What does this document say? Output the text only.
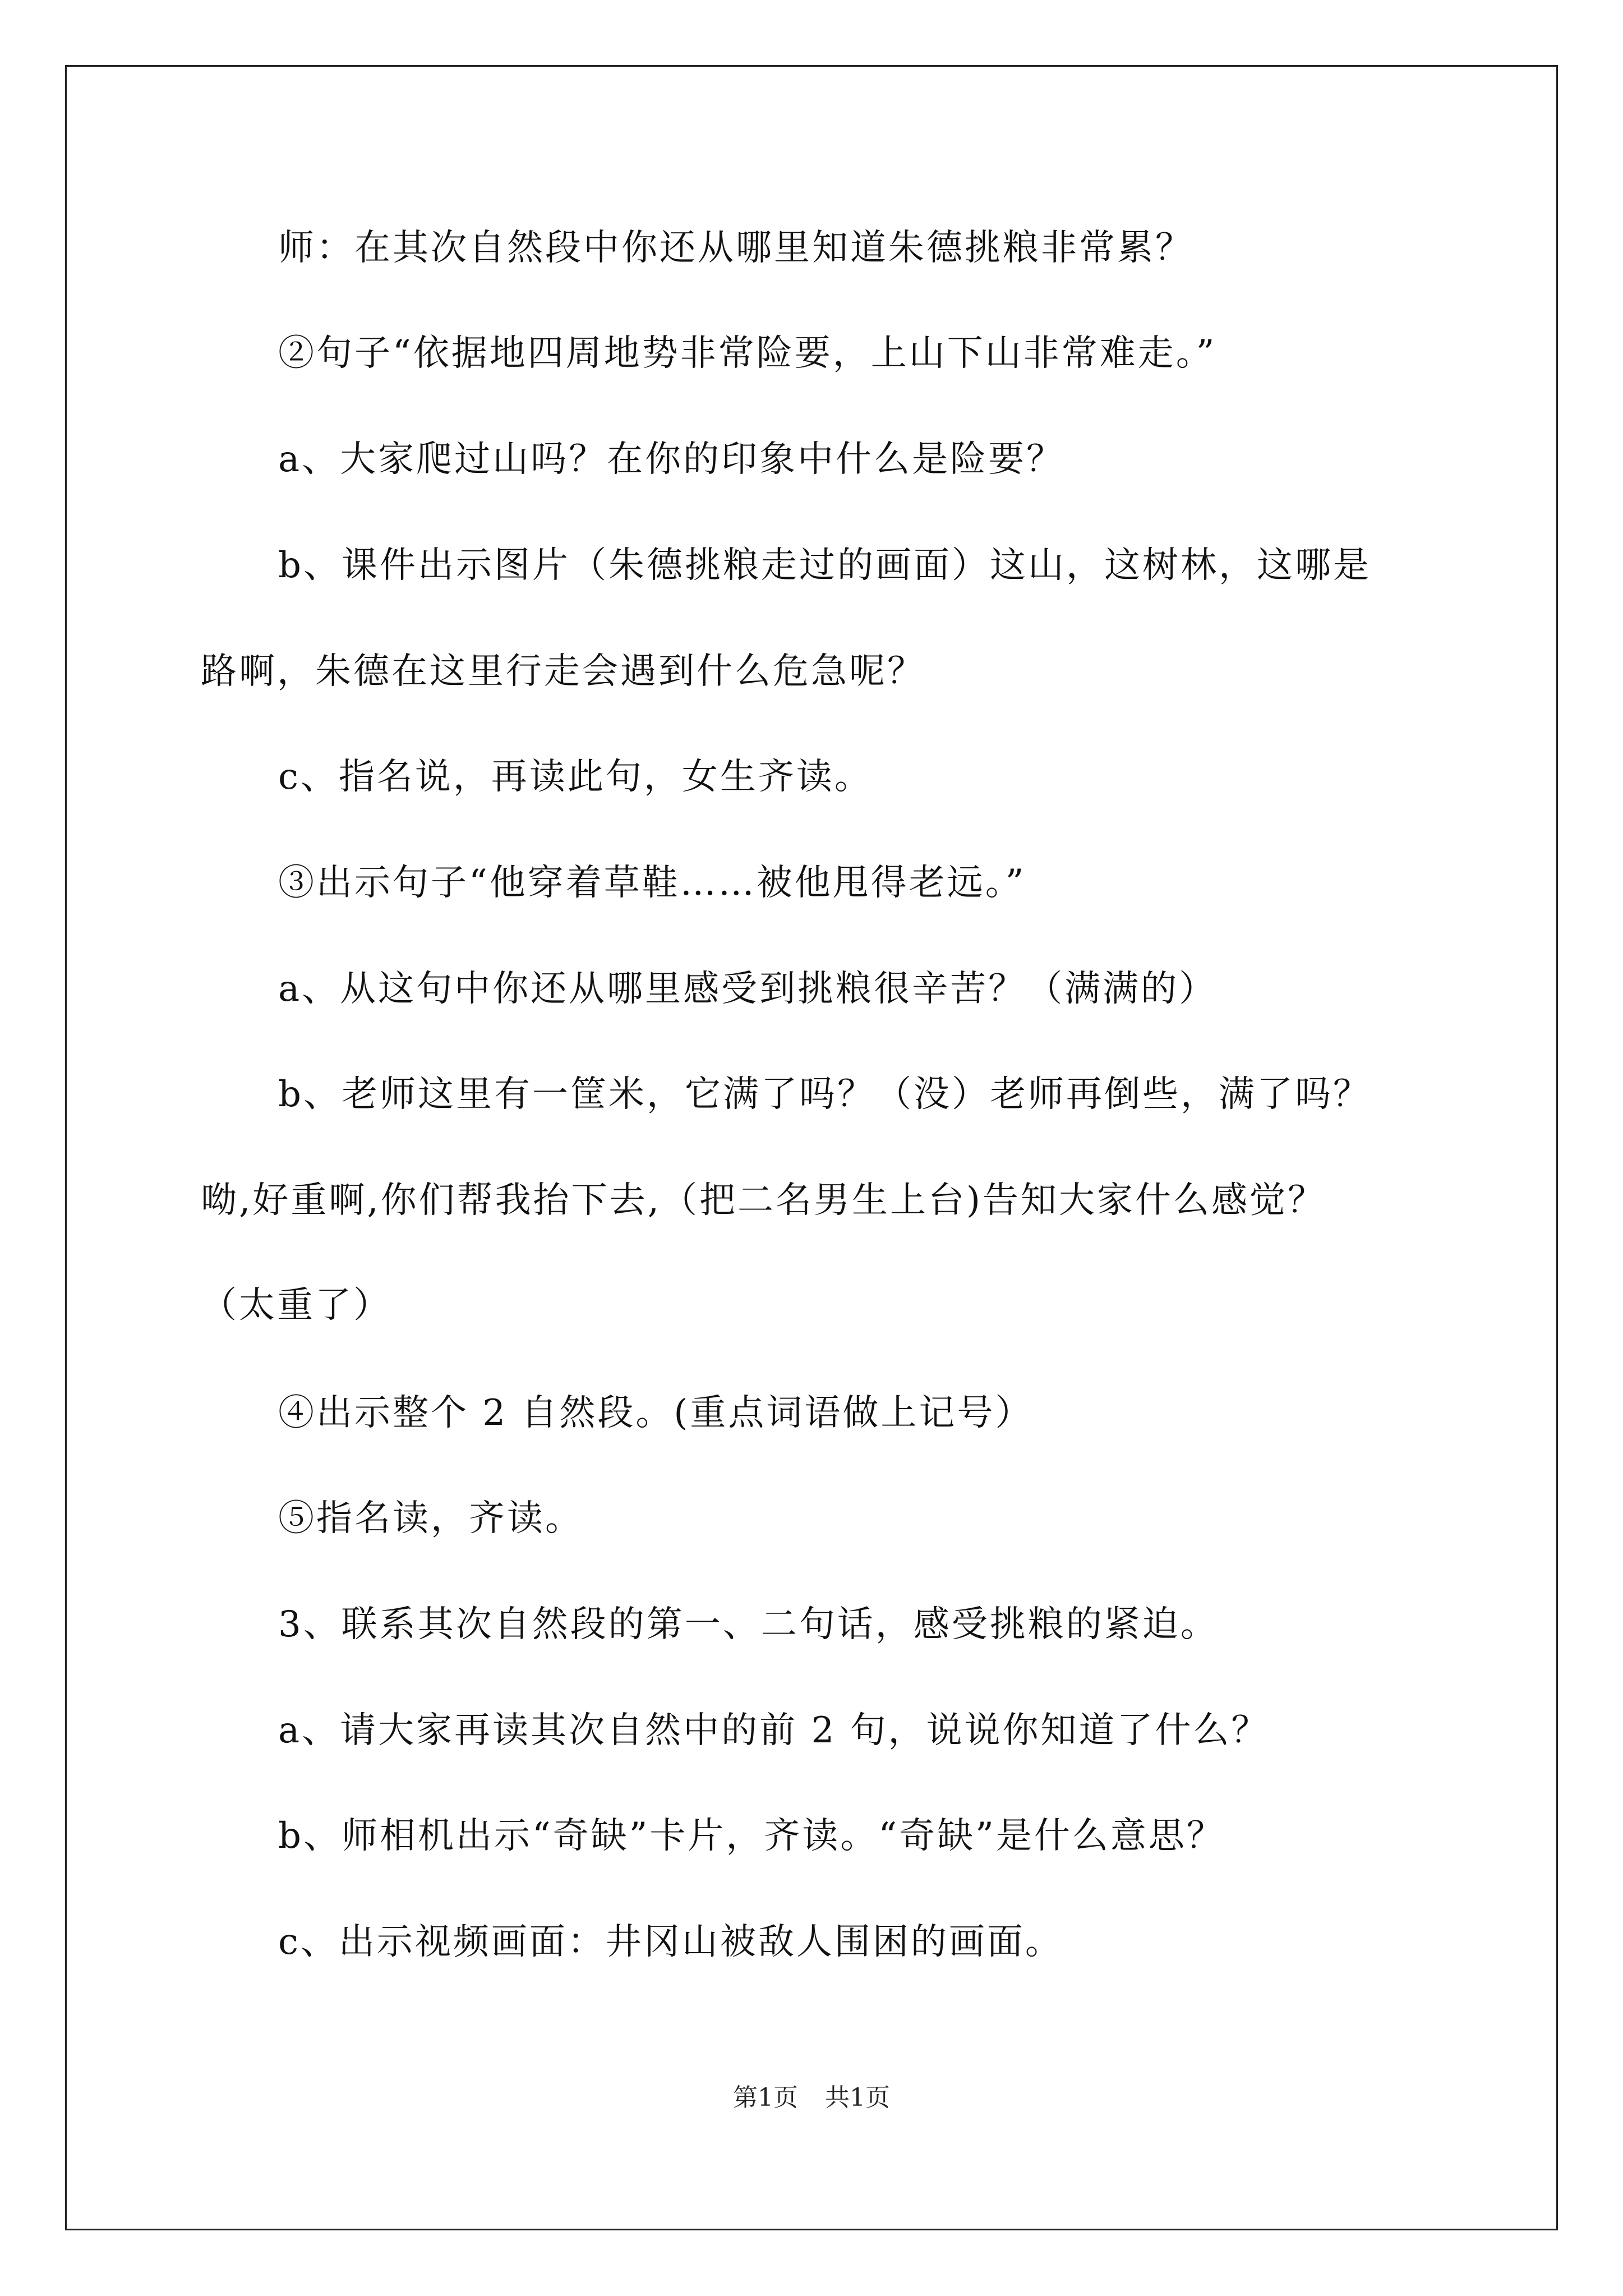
师：在其次自然段中你还从哪里知道朱德挑粮非常累？
②句子“依据地四周地势非常险要，上山下山非常难走。”
a、大家爬过山吗？在你的印象中什么是险要？
b、课件出示图片（朱德挑粮走过的画面）这山，这树林，这哪是
路啊，朱德在这里行走会遇到什么危急呢？
c、指名说，再读此句，女生齐读。
③出示句子“他穿着草鞋……被他甩得老远。”
a、从这句中你还从哪里感受到挑粮很辛苦？（满满的）
b、老师这里有一筐米，它满了吗？（没）老师再倒些，满了吗？
呦,好重啊,你们帮我抬下去,（把二名男生上台)告知大家什么感觉？
（太重了）
④出示整个 2 自然段。(重点词语做上记号）
⑤指名读，齐读。
3、联系其次自然段的第一、二句话，感受挑粮的紧迫。
a、请大家再读其次自然中的前 2 句，说说你知道了什么？
b、师相机出示“奇缺”卡片，齐读。“奇缺”是什么意思？
c、出示视频画面：井冈山被敌人围困的画面。
第1页 共1页
